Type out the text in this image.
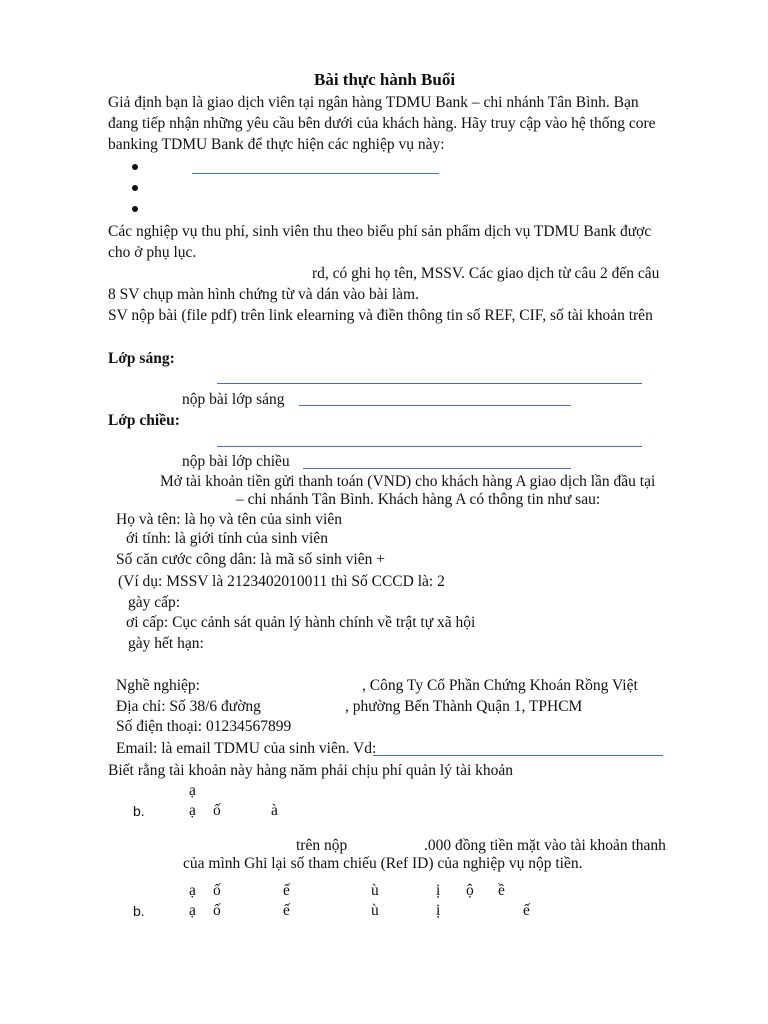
Bài thực hành Buổi
Giả định bạn là giao dịch viên tại ngân hàng TDMU Bank – chi nhánh Tân Bình. Bạn
đang tiếp nhận những yêu cầu bên dưới của khách hàng. Hãy truy cập vào hệ thống core
banking TDMU Bank để thực hiện các nghiệp vụ này:
Các nghiệp vụ thu phí, sinh viên thu theo biểu phí sản phẩm dịch vụ TDMU Bank được
cho ở phụ lục.
rd, có ghi họ tên, MSSV. Các giao dịch từ câu 2 đến câu
8 SV chụp màn hình chứng từ và dán vào bài làm.
SV nộp bài (file pdf) trên link elearning và điền thông tin số REF, CIF, số tài khoản trên
Lớp sáng:
nộp bài lớp sáng
Lớp chiều:
nộp bài lớp chiều
Mở tài khoản tiền gửi thanh toán (VND) cho khách hàng A giao dịch lần đầu tại
– chi nhánh Tân Bình. Khách hàng A có thông tin như sau:
Họ và tên: là họ và tên của sinh viên
ới tính: là giới tính của sinh viên
Số căn cước công dân: là mã số sinh viên +
(Ví dụ: MSSV là 2123402010011 thì Số CCCD là: 2
gày cấp:
ơi cấp: Cục cảnh sát quản lý hành chính về trật tự xã hội
gày hết hạn:
Nghề nghiệp:	, Công Ty Cổ Phần Chứng Khoán Rồng Việt
Địa chỉ: Số 38/6 đường	, phường Bến Thành Quận 1, TPHCM
Số điện thoại: 01234567899
Email: là email TDMU của sinh viên. Vd:
Biết rằng tài khoản này hàng năm phải chịu phí quản lý tài khoản
ạ
b.	ạ ố	à
trên nộp	.000 đồng tiền mặt vào tài khoản thanh
của mình Ghi lại số tham chiếu (Ref ID) của nghiệp vụ nộp tiền.
ạ ố	ế	ù	ị ộ ề
b.	ạ ố	ế	ù	ị	ế
